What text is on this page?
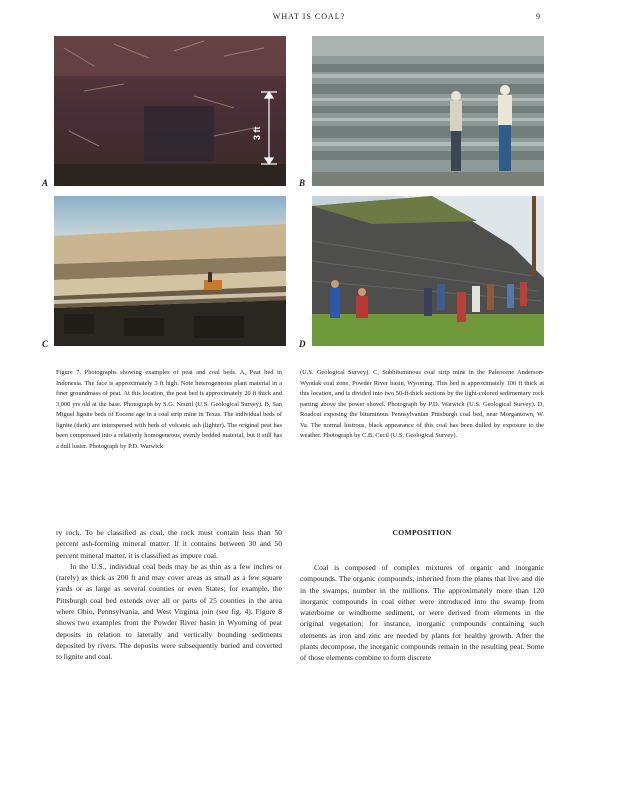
WHAT IS COAL?	9
3 ft
A	B
C	D

Figure 7. Photographs showing examples of peat and coal beds. A, Peat bed in Indonesia. The face is approximately 3 ft high. Note heterogeneous plant material in a finer groundmass of peat. At this location, the peat bed is approximately 20 ft thick and 3,000 yrs old at the base. Photograph by S.G. Neuzil (U.S. Geological Survey). B, San Miguel lignite beds of Eocene age in a coal strip mine in Texas. The individual beds of lignite (dark) are interspersed with beds of volcanic ash (lighter). The original peat has been compressed into a relatively homogeneous, evenly bedded material, but it still has a dull luster. Photograph by P.D. Warwick

(U.S. Geological Survey). C, Subbituminous coal strip mine in the Paleocene Anderson-Wyodak coal zone, Powder River basin, Wyoming. This bed is approximately 100 ft thick at this location, and is divided into two 50-ft-thick sections by the light-colored sedimentary rock parting above the power shovel. Photograph by P.D. Warwick (U.S. Geological Survey). D, Roadcut exposing the bituminous Pennsylvanian Pittsburgh coal bed, near Morgantown, W. Va. The normal lustrous, black appearance of this coal has been dulled by exposure to the weather. Photograph by C.B. Cecil (U.S. Geological Survey).

ry rock. To be classified as coal, the rock must contain less than 50 percent ash-forming mineral matter. If it contains between 30 and 50 percent mineral matter, it is classified as impure coal.

In the U.S., individual coal beds may be as thin as a few inches or (rarely) as thick as 200 ft and may cover areas as small as a few square yards or as large as several counties or even States; for example, the Pittsburgh coal bed extends over all or parts of 25 counties in the area where Ohio, Pennsylvania, and West Virginia join (see fig. 4). Figure 8 shows two examples from the Powder River basin in Wyoming of peat deposits in relation to laterally and vertically bounding sediments deposited by rivers. The deposits were subsequently buried and coverted to lignite and coal.

COMPOSITION

Coal is composed of complex mixtures of organic and inorganic compounds. The organic compounds, inherited from the plants that live and die in the swamps, number in the millions. The approximately more than 120 inorganic compounds in coal either were introduced into the swamp from waterborne or windborne sediment, or were derived from elements in the original vegetation; for instance, inorganic compounds containing such elements as iron and zinc are needed by plants for healthy growth. After the plants decompose, the inorganic compounds remain in the resulting peat. Some of those elements combine to form discrete
